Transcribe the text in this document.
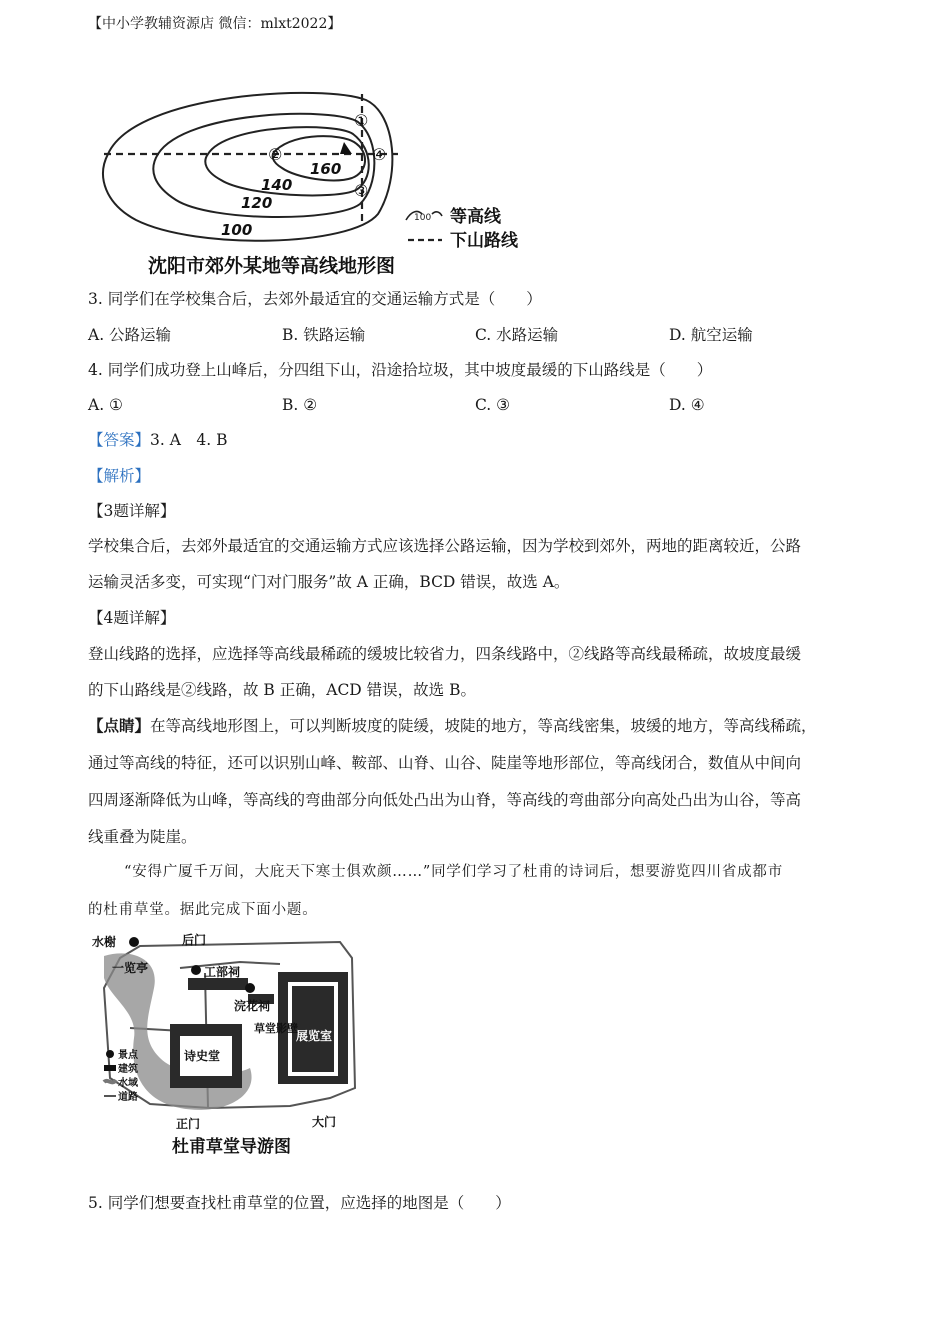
【中小学教辅资源店 微信：mlxt2022】
160
140
120
100
①
②
③
④
100 等高线
下山路线
沈阳市郊外某地等高线地形图
3. 同学们在学校集合后，去郊外最适宜的交通运输方式是（　　）
A. 公路运输	B. 铁路运输	C. 水路运输	D. 航空运输
4. 同学们成功登上山峰后，分四组下山，沿途拾垃圾，其中坡度最缓的下山路线是（　　）
A. ①	B. ②	C. ③	D. ④
【答案】3. A　4. B
【解析】
【3题详解】
学校集合后，去郊外最适宜的交通运输方式应该选择公路运输，因为学校到郊外，两地的距离较近，公路
运输灵活多变，可实现“门对门服务”故 A 正确，BCD 错误，故选 A。
【4题详解】
登山线路的选择，应选择等高线最稀疏的缓坡比较省力，四条线路中，②线路等高线最稀疏，故坡度最缓
的下山路线是②线路，故 B 正确，ACD 错误，故选 B。
【点睛】在等高线地形图上，可以判断坡度的陡缓，坡陡的地方，等高线密集，坡缓的地方，等高线稀疏，
通过等高线的特征，还可以识别山峰、鞍部、山脊、山谷、陡崖等地形部位，等高线闭合，数值从中间向
四周逐渐降低为山峰，等高线的弯曲部分向低处凸出为山脊，等高线的弯曲部分向高处凸出为山谷，等高
线重叠为陡崖。
“安得广厦千万间，大庇天下寒士俱欢颜……”同学们学习了杜甫的诗词后，想要游览四川省成都市
的杜甫草堂。据此完成下面小题。
水榭	后门
一览亭	工部祠
浣花祠
展览室
诗史堂
正门	大门
草堂影壁
景点
建筑
水域
道路
杜甫草堂导游图
5. 同学们想要查找杜甫草堂的位置，应选择的地图是（　　）
